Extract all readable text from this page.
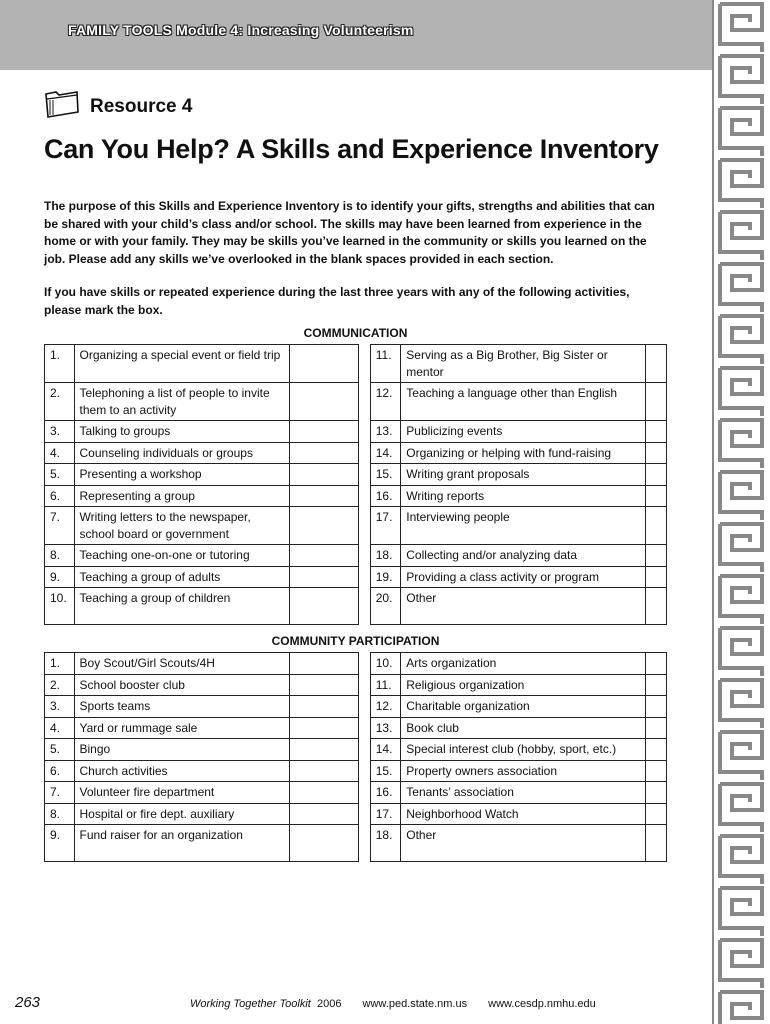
FAMILY TOOLS Module 4: Increasing Volunteerism
Resource 4
Can You Help? A Skills and Experience Inventory
The purpose of this Skills and Experience Inventory is to identify your gifts, strengths and abilities that can be shared with your child’s class and/or school. The skills may have been learned from experience in the home or with your family. They may be skills you’ve learned in the community or skills you learned on the job. Please add any skills we’ve overlooked in the blank spaces provided in each section.
If you have skills or repeated experience during the last three years with any of the following activities, please mark the box.
COMMUNICATION
1.	Organizing a special event or field trip			11.	Serving as a Big Brother, Big Sister or mentor	
2.	Telephoning a list of people to invite them to an activity			12.	Teaching a language other than English	
3.	Talking to groups			13.	Publicizing events	
4.	Counseling individuals or groups			14.	Organizing or helping with fund-raising	
5.	Presenting a workshop			15.	Writing grant proposals	
6.	Representing a group			16.	Writing reports	
7.	Writing letters to the newspaper, school board or government			17.	Interviewing people	
8.	Teaching one-on-one or tutoring			18.	Collecting and/or analyzing data	
9.	Teaching a group of adults			19.	Providing a class activity or program	
10.	Teaching a group of children			20.	Other	
COMMUNITY PARTICIPATION
1.	Boy Scout/Girl Scouts/4H			10.	Arts organization	
2.	School booster club			11.	Religious organization	
3.	Sports teams			12.	Charitable organization	
4.	Yard or rummage sale			13.	Book club	
5.	Bingo			14.	Special interest club (hobby, sport, etc.)	
6.	Church activities			15.	Property owners association	
7.	Volunteer fire department			16.	Tenants’ association	
8.	Hospital or fire dept. auxiliary			17.	Neighborhood Watch	
9.	Fund raiser for an organization			18.	Other	
263	Working Together Toolkit 2006 www.ped.state.nm.us www.cesdp.nmhu.edu
